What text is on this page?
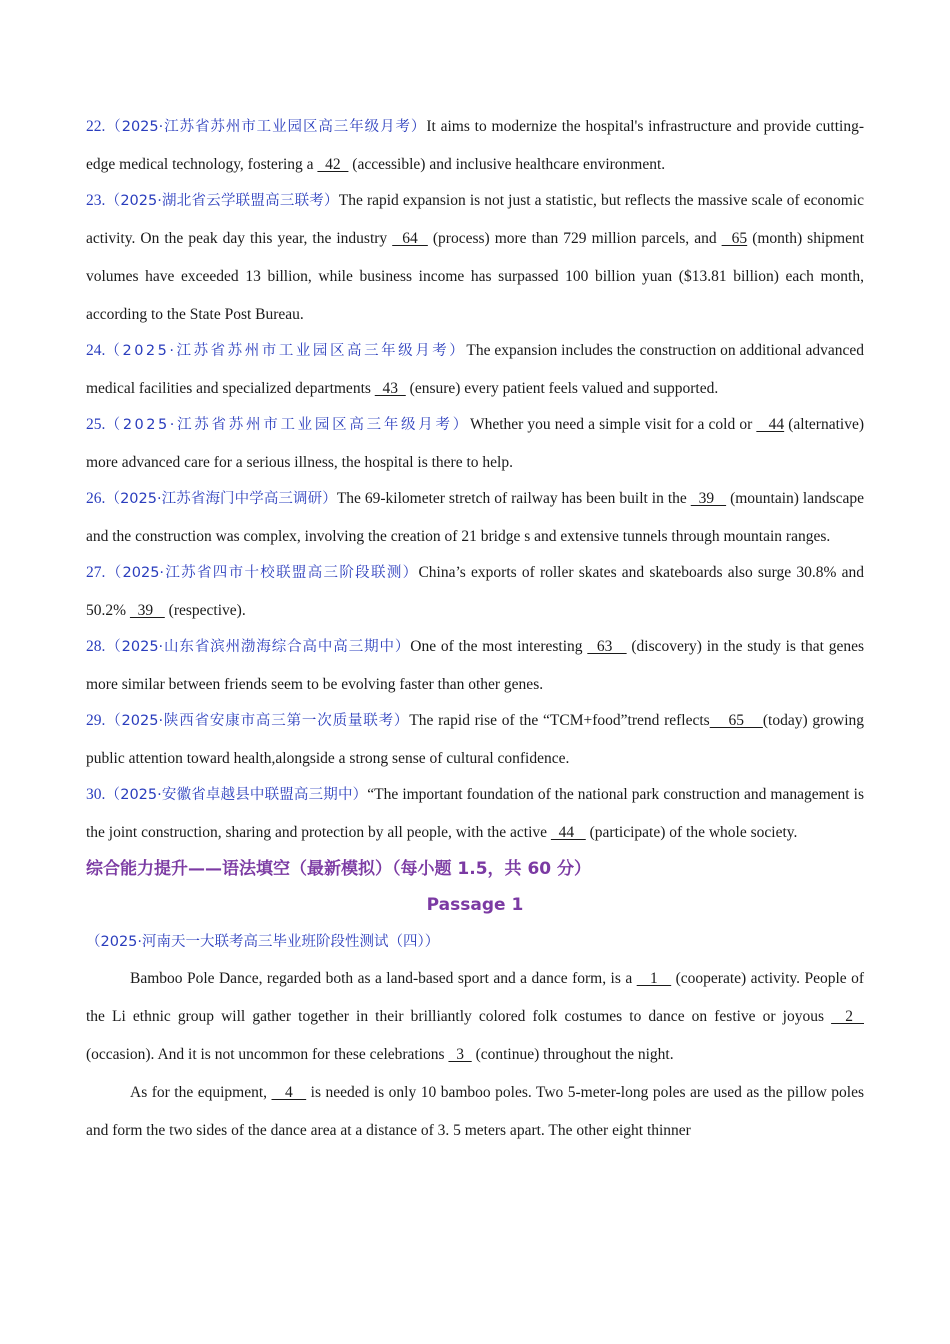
22.（2025·江苏省苏州市工业园区高三年级月考）It aims to modernize the hospital's infrastructure and provide cutting-edge medical technology, fostering a   42   (accessible) and inclusive healthcare environment.

23.（2025·湖北省云学联盟高三联考）The rapid expansion is not just a statistic, but reflects the massive scale of economic activity. On the peak day this year, the industry   64   (process) more than 729 million parcels, and   65 (month) shipment volumes have exceeded 13 billion, while business income has surpassed 100 billion yuan ($13.81 billion) each month, according to the State Post Bureau.

24.（2025·江苏省苏州市工业园区高三年级月考）The expansion includes the construction on additional advanced medical facilities and specialized departments   43   (ensure) every patient feels valued and supported.

25.（2025·江苏省苏州市工业园区高三年级月考）Whether you need a simple visit for a cold or    44 (alternative) more advanced care for a serious illness, the hospital is there to help.

26.（2025·江苏省海门中学高三调研）The 69-kilometer stretch of railway has been built in the   39    (mountain) landscape and the construction was complex, involving the creation of 21 bridge s and extensive tunnels through mountain ranges.

27.（2025·江苏省四市十校联盟高三阶段联测）China’s exports of roller skates and skateboards also surge 30.8% and 50.2%   39    (respective).

28.（2025·山东省滨州渤海综合高中高三期中）One of the most interesting   63    (discovery) in the study is that genes more similar between friends seem to be evolving faster than other genes.

29.（2025·陕西省安康市高三第一次质量联考）The rapid rise of the “TCM+food”trend reflects    65    (today) growing public attention toward health,alongside a strong sense of cultural confidence.

30.（2025·安徽省卓越县中联盟高三期中）“The important foundation of the national park construction and management is the joint construction, sharing and protection by all people, with the active   44    (participate) of the whole society.

综合能力提升——语法填空（最新模拟）（每小题 1.5，共 60 分）
Passage 1
（2025·河南天一大联考高三毕业班阶段性测试（四））

Bamboo Pole Dance, regarded both as a land-based sport and a dance form, is a    1    (cooperate) activity. People of the Li ethnic group will gather together in their brilliantly colored folk costumes to dance on festive or joyous   2   (occasion). And it is not uncommon for these celebrations   3   (continue) throughout the night.

As for the equipment,    4    is needed is only 10 bamboo poles. Two 5-meter-long poles are used as the pillow poles and form the two sides of the dance area at a distance of 3. 5 meters apart. The other eight thinner
